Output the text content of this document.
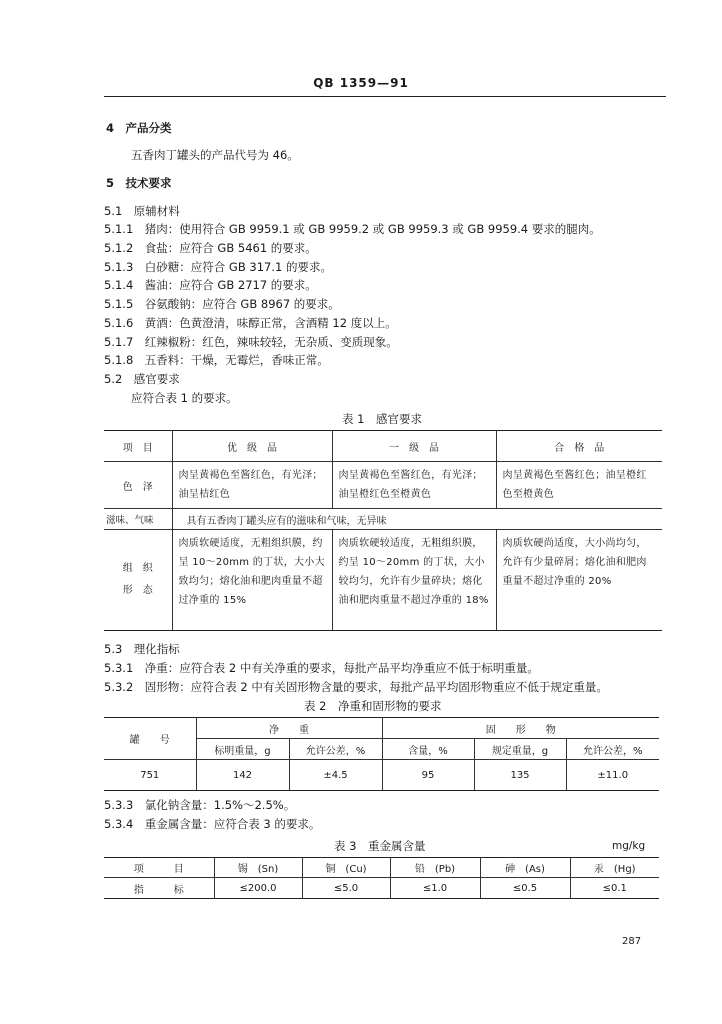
QB 1359—91
4　产品分类
五香肉丁罐头的产品代号为 46。
5　技术要求
5.1　原辅材料
5.1.1　猪肉：使用符合 GB 9959.1 或 GB 9959.2 或 GB 9959.3 或 GB 9959.4 要求的腿肉。
5.1.2　食盐：应符合 GB 5461 的要求。
5.1.3　白砂糖：应符合 GB 317.1 的要求。
5.1.4　酱油：应符合 GB 2717 的要求。
5.1.5　谷氨酸钠：应符合 GB 8967 的要求。
5.1.6　黄酒：色黄澄清，味醇正常，含酒精 12 度以上。
5.1.7　红辣椒粉：红色，辣味较轻，无杂质、变质现象。
5.1.8　五香料：干燥，无霉烂，香味正常。
5.2　感官要求
应符合表 1 的要求。
表 1　感官要求
项　目	优　级　品	一　级　品	合　格　品
色　泽	肉呈黄褐色至酱红色，有光泽；油呈桔红色	肉呈黄褐色至酱红色，有光泽；油呈橙红色至橙黄色	肉呈黄褐色至酱红色；油呈橙红色至橙黄色

滋味、气味	具有五香肉丁罐头应有的滋味和气味，无异味		
组　织
形　态	肉质软硬适度，无粗组织膜，约呈 10～20mm 的丁状，大小大致均匀；熔化油和肥肉重量不超过净重的 15%	肉质软硬较适度，无粗组织膜，约呈 10～20mm 的丁状，大小较均匀，允许有少量碎块；熔化油和肥肉重量不超过净重的 18%	肉质软硬尚适度，大小尚均匀，允许有少量碎屑；熔化油和肥肉重量不超过净重的 20%
5.3　理化指标
5.3.1　净重：应符合表 2 中有关净重的要求，每批产品平均净重应不低于标明重量。
5.3.2　固形物：应符合表 2 中有关固形物含量的要求，每批产品平均固形物重应不低于规定重量。
表 2　净重和固形物的要求
罐　　号	净　　重		固　　形　　物		
	标明重量，g	允许公差，%	含量，%	规定重量，g	允许公差，%
751	142	±4.5	95	135	±11.0
5.3.3　氯化钠含量：1.5%～2.5%。
5.3.4　重金属含量：应符合表 3 的要求。
表 3　重金属含量	mg/kg
项　　　目	锡　(Sn)	铜　(Cu)	铅　(Pb)	砷　(As)	汞　(Hg)
指　　　标	≤200.0	≤5.0	≤1.0	≤0.5	≤0.1
287
